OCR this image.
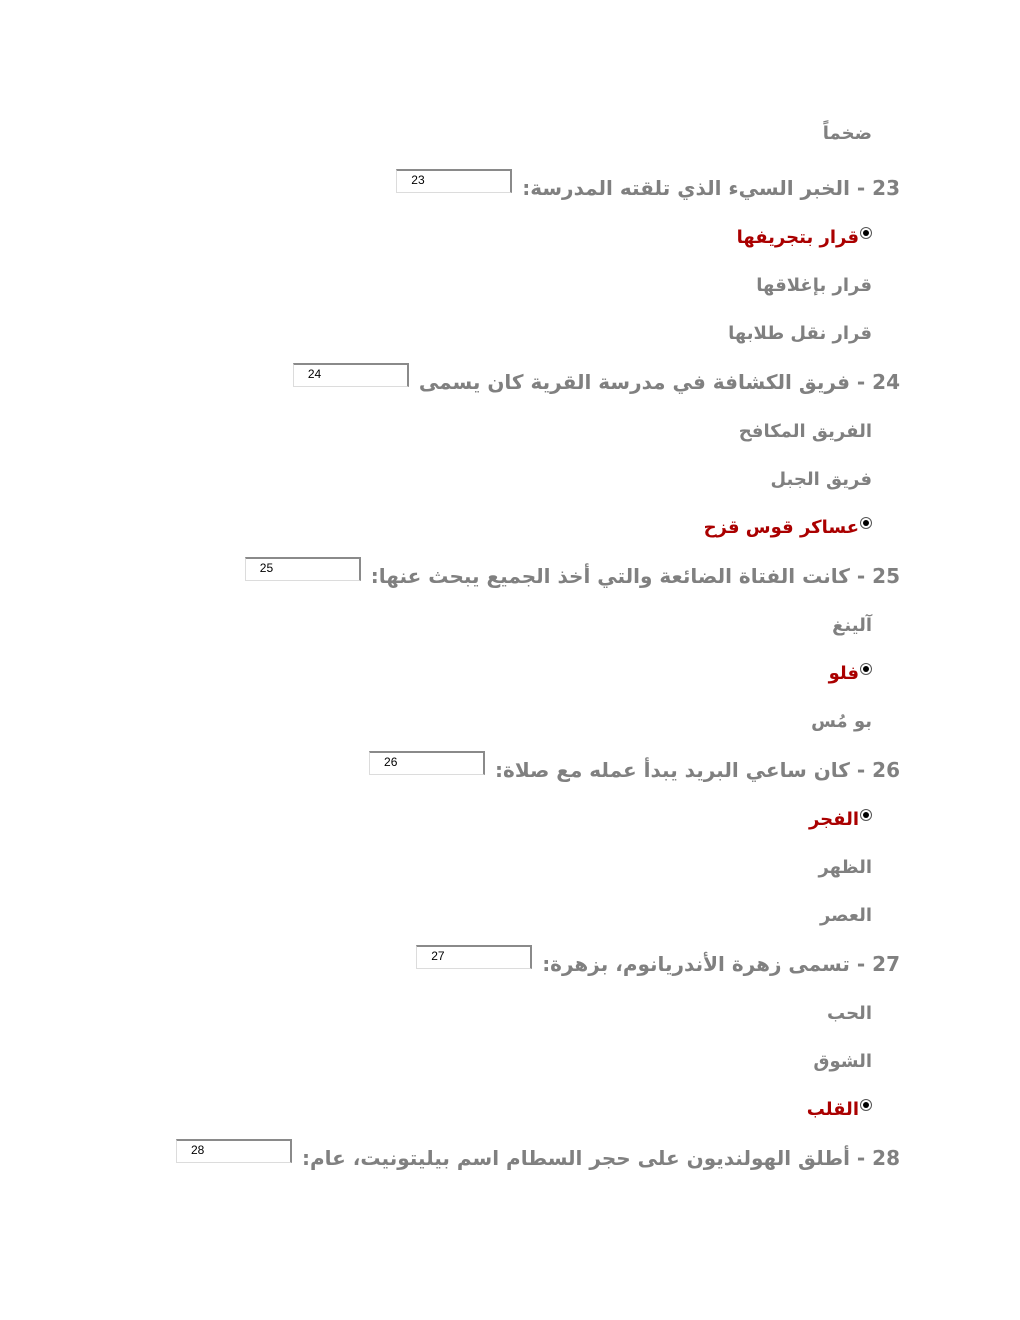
ضخماً
23 - الخبر السيء الذي تلقته المدرسة:
23
قرار بتجريفها
قرار بإغلاقها
قرار نقل طلابها
24 - فريق الكشافة في مدرسة القرية كان يسمى
24
الفريق المكافح
فريق الجبل
عساكر قوس قزح
25 - كانت الفتاة الضائعة والتي أخذ الجميع يبحث عنها:
25
آلينغ
فلو
بو مُس
26 - كان ساعي البريد يبدأ عمله مع صلاة:
26
الفجر
الظهر
العصر
27 - تسمى زهرة الأندريانوم، بزهرة:
27
الحب
الشوق
القلب
28 - أطلق الهولنديون على حجر السطام اسم بيليتونيت، عام:
28
